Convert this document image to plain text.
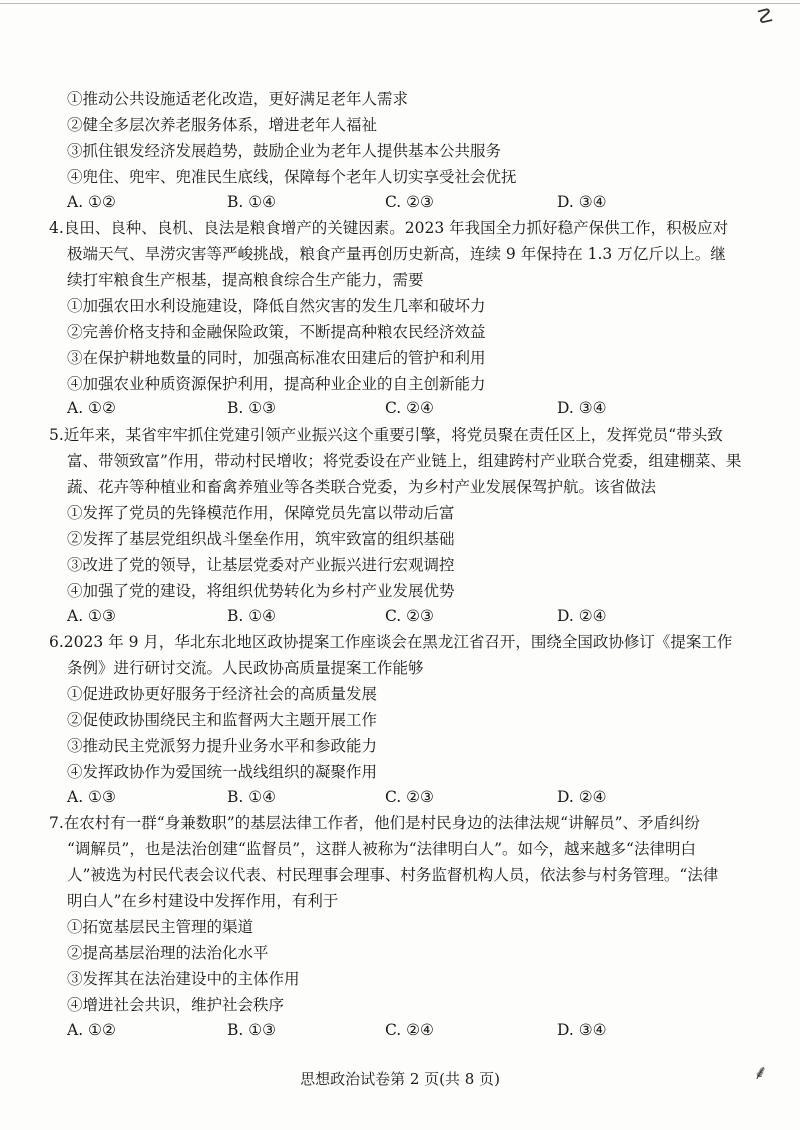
☡
①推动公共设施适老化改造，更好满足老年人需求
②健全多层次养老服务体系，增进老年人福祉
③抓住银发经济发展趋势，鼓励企业为老年人提供基本公共服务
④兜住、兜牢、兜准民生底线，保障每个老年人切实享受社会优抚
A. ①②	B. ①④	C. ②③	D. ③④
4.良田、良种、良机、良法是粮食增产的关键因素。2023 年我国全力抓好稳产保供工作，积极应对
极端天气、旱涝灾害等严峻挑战，粮食产量再创历史新高，连续 9 年保持在 1.3 万亿斤以上。继
续打牢粮食生产根基，提高粮食综合生产能力，需要
①加强农田水利设施建设，降低自然灾害的发生几率和破坏力
②完善价格支持和金融保险政策，不断提高种粮农民经济效益
③在保护耕地数量的同时，加强高标准农田建后的管护和利用
④加强农业种质资源保护利用，提高种业企业的自主创新能力
A. ①②	B. ①③	C. ②④	D. ③④
5.近年来，某省牢牢抓住党建引领产业振兴这个重要引擎，将党员聚在责任区上，发挥党员“带头致
富、带领致富”作用，带动村民增收；将党委设在产业链上，组建跨村产业联合党委，组建棚菜、果
蔬、花卉等种植业和畜禽养殖业等各类联合党委，为乡村产业发展保驾护航。该省做法
①发挥了党员的先锋模范作用，保障党员先富以带动后富
②发挥了基层党组织战斗堡垒作用，筑牢致富的组织基础
③改进了党的领导，让基层党委对产业振兴进行宏观调控
④加强了党的建设，将组织优势转化为乡村产业发展优势
A. ①③	B. ①④	C. ②③	D. ②④
6.2023 年 9 月，华北东北地区政协提案工作座谈会在黑龙江省召开，围绕全国政协修订《提案工作
条例》进行研讨交流。人民政协高质量提案工作能够
①促进政协更好服务于经济社会的高质量发展
②促使政协围绕民主和监督两大主题开展工作
③推动民主党派努力提升业务水平和参政能力
④发挥政协作为爱国统一战线组织的凝聚作用
A. ①③	B. ①④	C. ②③	D. ②④
7.在农村有一群“身兼数职”的基层法律工作者，他们是村民身边的法律法规“讲解员”、矛盾纠纷
“调解员”，也是法治创建“监督员”，这群人被称为“法律明白人”。如今，越来越多“法律明白
人”被选为村民代表会议代表、村民理事会理事、村务监督机构人员，依法参与村务管理。“法律
明白人”在乡村建设中发挥作用，有利于
①拓宽基层民主管理的渠道
②提高基层治理的法治化水平
③发挥其在法治建设中的主体作用
④增进社会共识，维护社会秩序
A. ①②	B. ①③	C. ②④	D. ③④
思想政治试卷第 2 页(共 8 页)	⸙
